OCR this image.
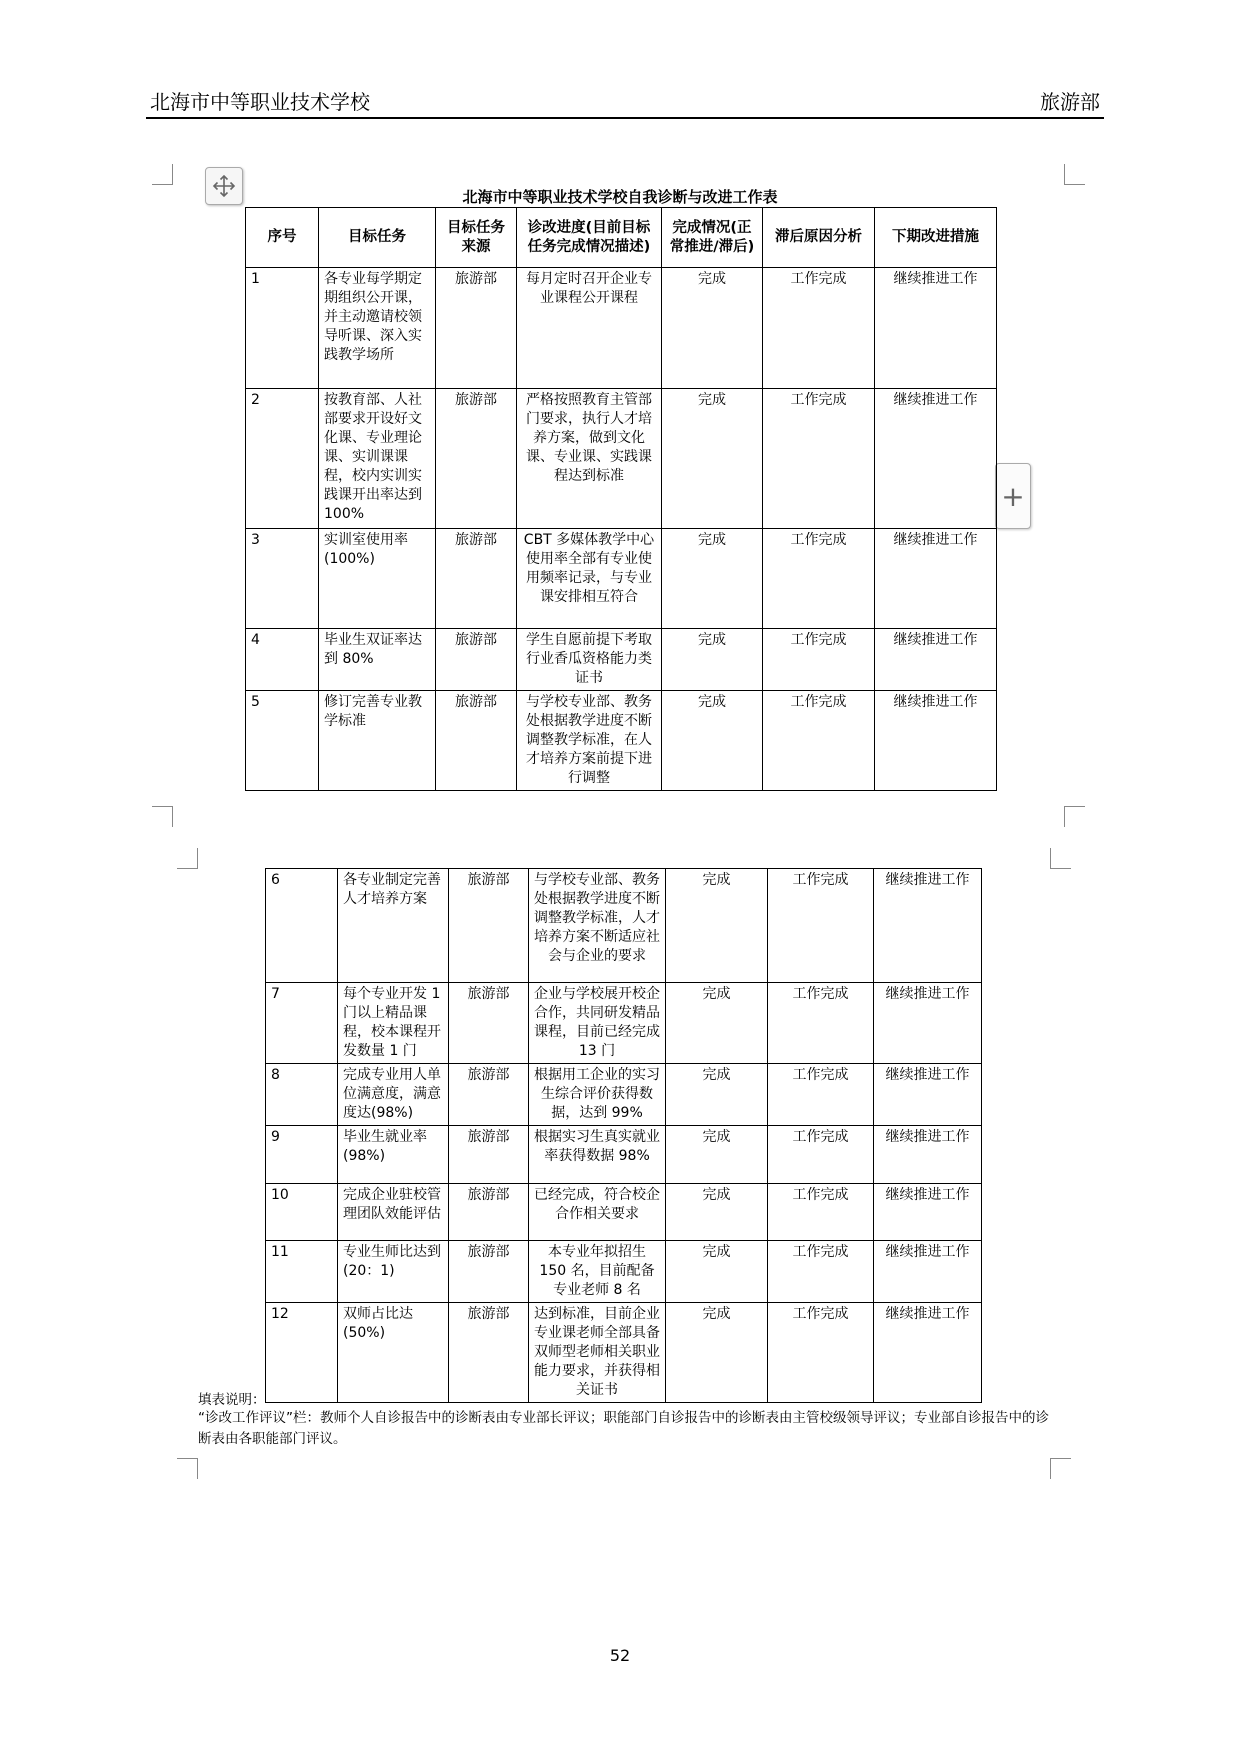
北海市中等职业技术学校	旅游部
+
北海市中等职业技术学校自我诊断与改进工作表
序号	目标任务	目标任务来源	诊改进度(目前目标任务完成情况描述)	完成情况(正常推进/滞后)	滞后原因分析	下期改进措施
1	各专业每学期定期组织公开课，并主动邀请校领导听课、深入实践教学场所	旅游部	每月定时召开企业专业课程公开课程	完成	工作完成	继续推进工作
2	按教育部、人社部要求开设好文化课、专业理论课、实训课课程，校内实训实践课开出率达到 100%	旅游部	严格按照教育主管部门要求，执行人才培养方案，做到文化课、专业课、实践课程达到标准	完成	工作完成	继续推进工作
3	实训室使用率(100%)	旅游部	CBT 多媒体教学中心使用率全部有专业使用频率记录，与专业课安排相互符合	完成	工作完成	继续推进工作
4	毕业生双证率达到 80%	旅游部	学生自愿前提下考取行业香瓜资格能力类证书	完成	工作完成	继续推进工作
5	修订完善专业教学标准	旅游部	与学校专业部、教务处根据教学进度不断调整教学标准，在人才培养方案前提下进行调整	完成	工作完成	继续推进工作
6	各专业制定完善人才培养方案	旅游部	与学校专业部、教务处根据教学进度不断调整教学标准，人才培养方案不断适应社会与企业的要求	完成	工作完成	继续推进工作
7	每个专业开发 1 门以上精品课程，校本课程开发数量 1 门	旅游部	企业与学校展开校企合作，共同研发精品课程，目前已经完成 13 门	完成	工作完成	继续推进工作
8	完成专业用人单位满意度，满意度达(98%)	旅游部	根据用工企业的实习生综合评价获得数据，达到 99%	完成	工作完成	继续推进工作
9	毕业生就业率(98%)	旅游部	根据实习生真实就业率获得数据 98%	完成	工作完成	继续推进工作
10	完成企业驻校管理团队效能评估	旅游部	已经完成，符合校企合作相关要求	完成	工作完成	继续推进工作
11	专业生师比达到(20：1)	旅游部	本专业年拟招生 150 名，目前配备专业老师 8 名	完成	工作完成	继续推进工作
12	双师占比达(50%)	旅游部	达到标准，目前企业专业课老师全部具备双师型老师相关职业能力要求，并获得相关证书	完成	工作完成	继续推进工作
填表说明：
“诊改工作评议”栏：教师个人自诊报告中的诊断表由专业部长评议；职能部门自诊报告中的诊断表由主管校级领导评议；专业部自诊报告中的诊断表由各职能部门评议。
52
